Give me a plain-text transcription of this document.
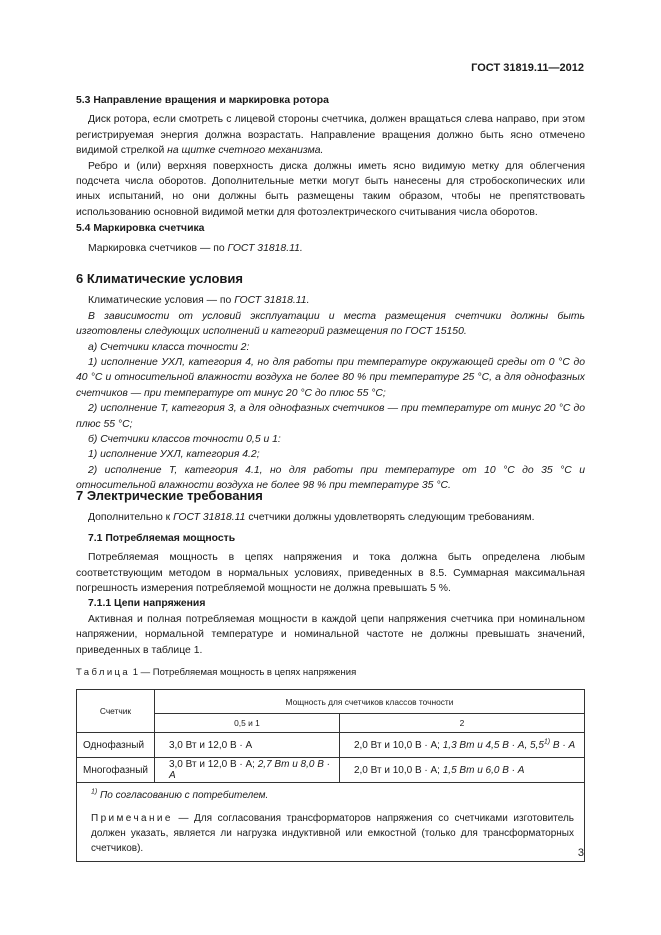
ГОСТ 31819.11—2012

5.3 Направление вращения и маркировка ротора

Диск ротора, если смотреть с лицевой стороны счетчика, должен вращаться слева направо, при этом регистрируемая энергия должна возрастать. Направление вращения должно быть ясно отмечено видимой стрелкой на щитке счетного механизма.

Ребро и (или) верхняя поверхность диска должны иметь ясно видимую метку для облегчения подсчета числа оборотов. Дополнительные метки могут быть нанесены для стробоскопических или иных испытаний, но они должны быть размещены таким образом, чтобы не препятствовать использованию основной видимой метки для фотоэлектрического считывания числа оборотов.

5.4 Маркировка счетчика

Маркировка счетчиков — по ГОСТ 31818.11.

6 Климатические условия

Климатические условия — по ГОСТ 31818.11.

В зависимости от условий эксплуатации и места размещения счетчики должны быть изготовлены следующих исполнений и категорий размещения по ГОСТ 15150.

а) Счетчики класса точности 2:

1) исполнение УХЛ, категория 4, но для работы при температуре окружающей среды от 0 °С до 40 °С и относительной влажности воздуха не более 80 % при температуре 25 °С, а для однофазных счетчиков — при температуре от минус 20 °С до плюс 55 °С;

2) исполнение Т, категория 3, а для однофазных счетчиков — при температуре от минус 20 °С до плюс 55 °С;

б) Счетчики классов точности 0,5 и 1:

1) исполнение УХЛ, категория 4.2;

2) исполнение Т, категория 4.1, но для работы при температуре от 10 °С до 35 °С и относительной влажности воздуха не более 98 % при температуре 35 °С.

7 Электрические требования

Дополнительно к ГОСТ 31818.11 счетчики должны удовлетворять следующим требованиям.

7.1 Потребляемая мощность

Потребляемая мощность в цепях напряжения и тока должна быть определена любым соответствующим методом в нормальных условиях, приведенных в 8.5. Суммарная максимальная погрешность измерения потребляемой мощности не должна превышать 5 %.

7.1.1 Цепи напряжения

Активная и полная потребляемая мощности в каждой цепи напряжения счетчика при номинальном напряжении, нормальной температуре и номинальной частоте не должны превышать значений, приведенных в таблице 1.

Таблица 1 — Потребляемая мощность в цепях напряжения
Счетчик	Мощность для счетчиков классов точности	
	0,5 и 1	2
Однофазный	3,0 Вт и 12,0 В · А	2,0 Вт и 10,0 В · А; 1,3 Вт и 4,5 В · А, 5,5$^{1)}$ В · А
Многофазный	3,0 Вт и 12,0 В · А; 2,7 Вт и 8,0 В · А	2,0 Вт и 10,0 В · А; 1,5 Вт и 6,0 В · А

$^{1)}$ По согласованию с потребителем.
Примечание — Для согласования трансформаторов напряжения со счетчиками изготовитель должен указать, является ли нагрузка индуктивной или емкостной (только для трансформаторных счетчиков).			3
